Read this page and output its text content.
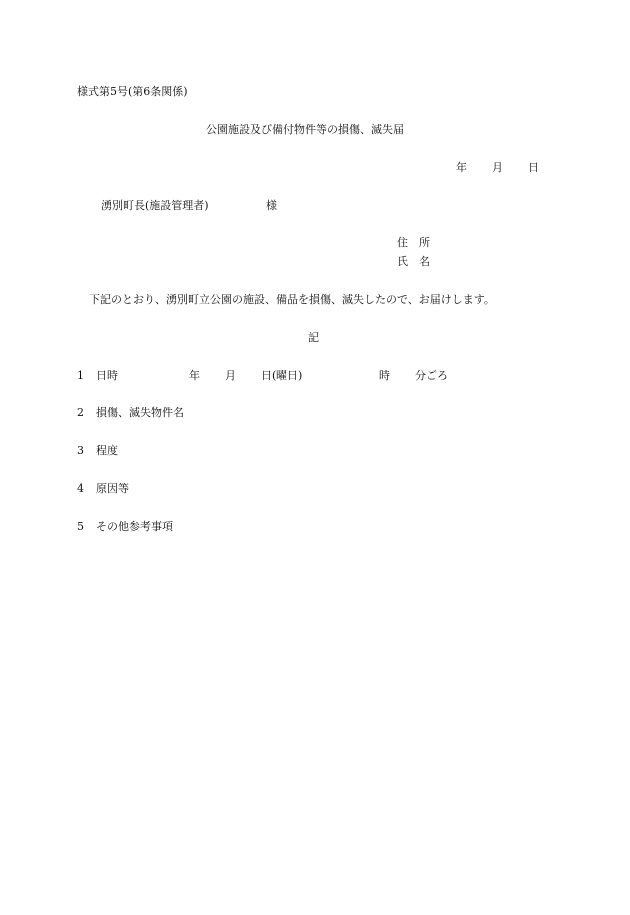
様式第5号(第6条関係)
公園施設及び備付物件等の損傷、滅失届
年 月 日
湧別町長(施設管理者)	様
住　所
氏　名
下記のとおり、湧別町立公園の施設、備品を損傷、滅失したので、お届けします。
記
1 日時	年 月 日( 曜日)	時 分ごろ
2 損傷、滅失物件名
3 程度
4 原因等
5 その他参考事項
